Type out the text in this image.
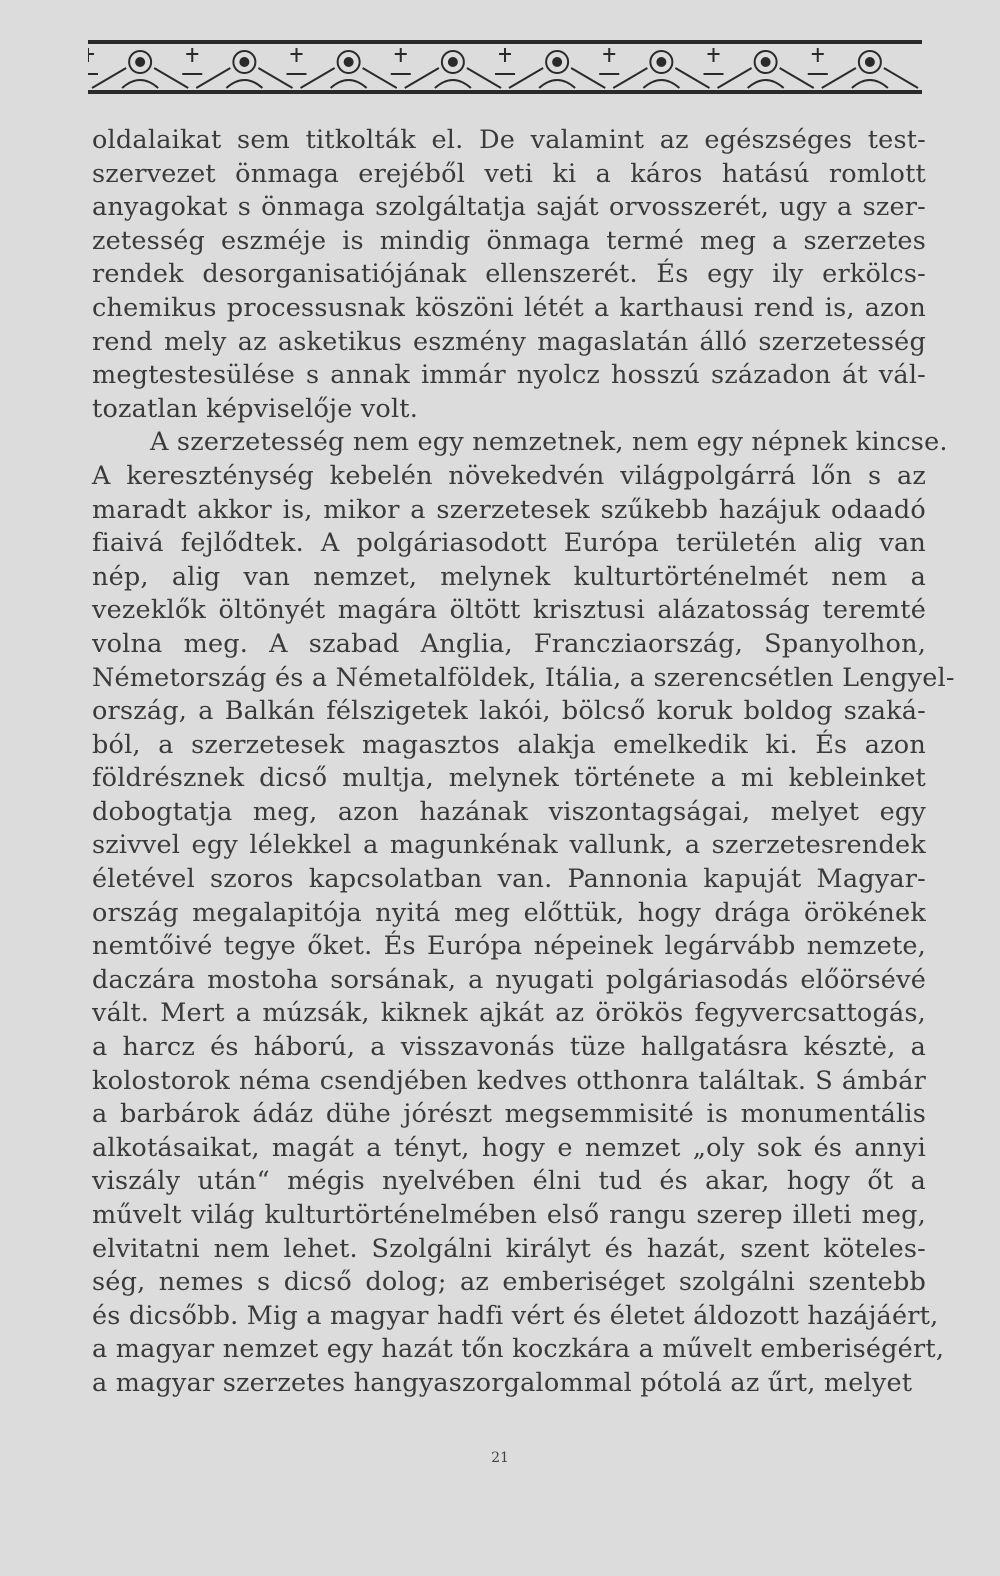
oldalaikat sem titkolták el. De valamint az egészséges test-
szervezet önmaga erejéből veti ki a káros hatású romlott
anyagokat s önmaga szolgáltatja saját orvosszerét, ugy a szer-
zetesség eszméje is mindig önmaga termé meg a szerzetes
rendek desorganisatiójának ellenszerét. És egy ily erkölcs-
chemikus processusnak köszöni létét a karthausi rend is, azon
rend mely az asketikus eszmény magaslatán álló szerzetesség
megtestesülése s annak immár nyolcz hosszú századon át vál-
tozatlan képviselője volt.
A szerzetesség nem egy nemzetnek, nem egy népnek kincse.
A kereszténység kebelén növekedvén világpolgárrá lőn s az
maradt akkor is, mikor a szerzetesek szűkebb hazájuk odaadó
fiaivá fejlődtek. A polgáriasodott Európa területén alig van
nép, alig van nemzet, melynek kulturtörténelmét nem a
vezeklők öltönyét magára öltött krisztusi alázatosság teremté
volna meg. A szabad Anglia, Francziaország, Spanyolhon,
Németország és a Németalföldek, Itália, a szerencsétlen Lengyel-
ország, a Balkán félszigetek lakói, bölcső koruk boldog szaká-
ból, a szerzetesek magasztos alakja emelkedik ki. És azon
földrésznek dicső multja, melynek története a mi kebleinket
dobogtatja meg, azon hazának viszontagságai, melyet egy
szivvel egy lélekkel a magunkénak vallunk, a szerzetesrendek
életével szoros kapcsolatban van. Pannonia kapuját Magyar-
ország megalapitója nyitá meg előttük, hogy drága örökének
nemtőivé tegye őket. És Európa népeinek legárvább nemzete,
daczára mostoha sorsának, a nyugati polgáriasodás előörsévé
vált. Mert a múzsák, kiknek ajkát az örökös fegyvercsattogás,
a harcz és háború, a visszavonás tüze hallgatásra késztė, a
kolostorok néma csendjében kedves otthonra találtak. S ámbár
a barbárok ádáz dühe jórészt megsemmisité is monumentális
alkotásaikat, magát a tényt, hogy e nemzet „oly sok és annyi
viszály után“ mégis nyelvében élni tud és akar, hogy őt a
művelt világ kulturtörténelmében első rangu szerep illeti meg,
elvitatni nem lehet. Szolgálni királyt és hazát, szent köteles-
ség, nemes s dicső dolog; az emberiséget szolgálni szentebb
és dicsőbb. Mig a magyar hadfi vért és életet áldozott hazájáért,
a magyar nemzet egy hazát tőn koczkára a művelt emberiségért,
a magyar szerzetes hangyaszorgalommal pótolá az űrt, melyet
21
